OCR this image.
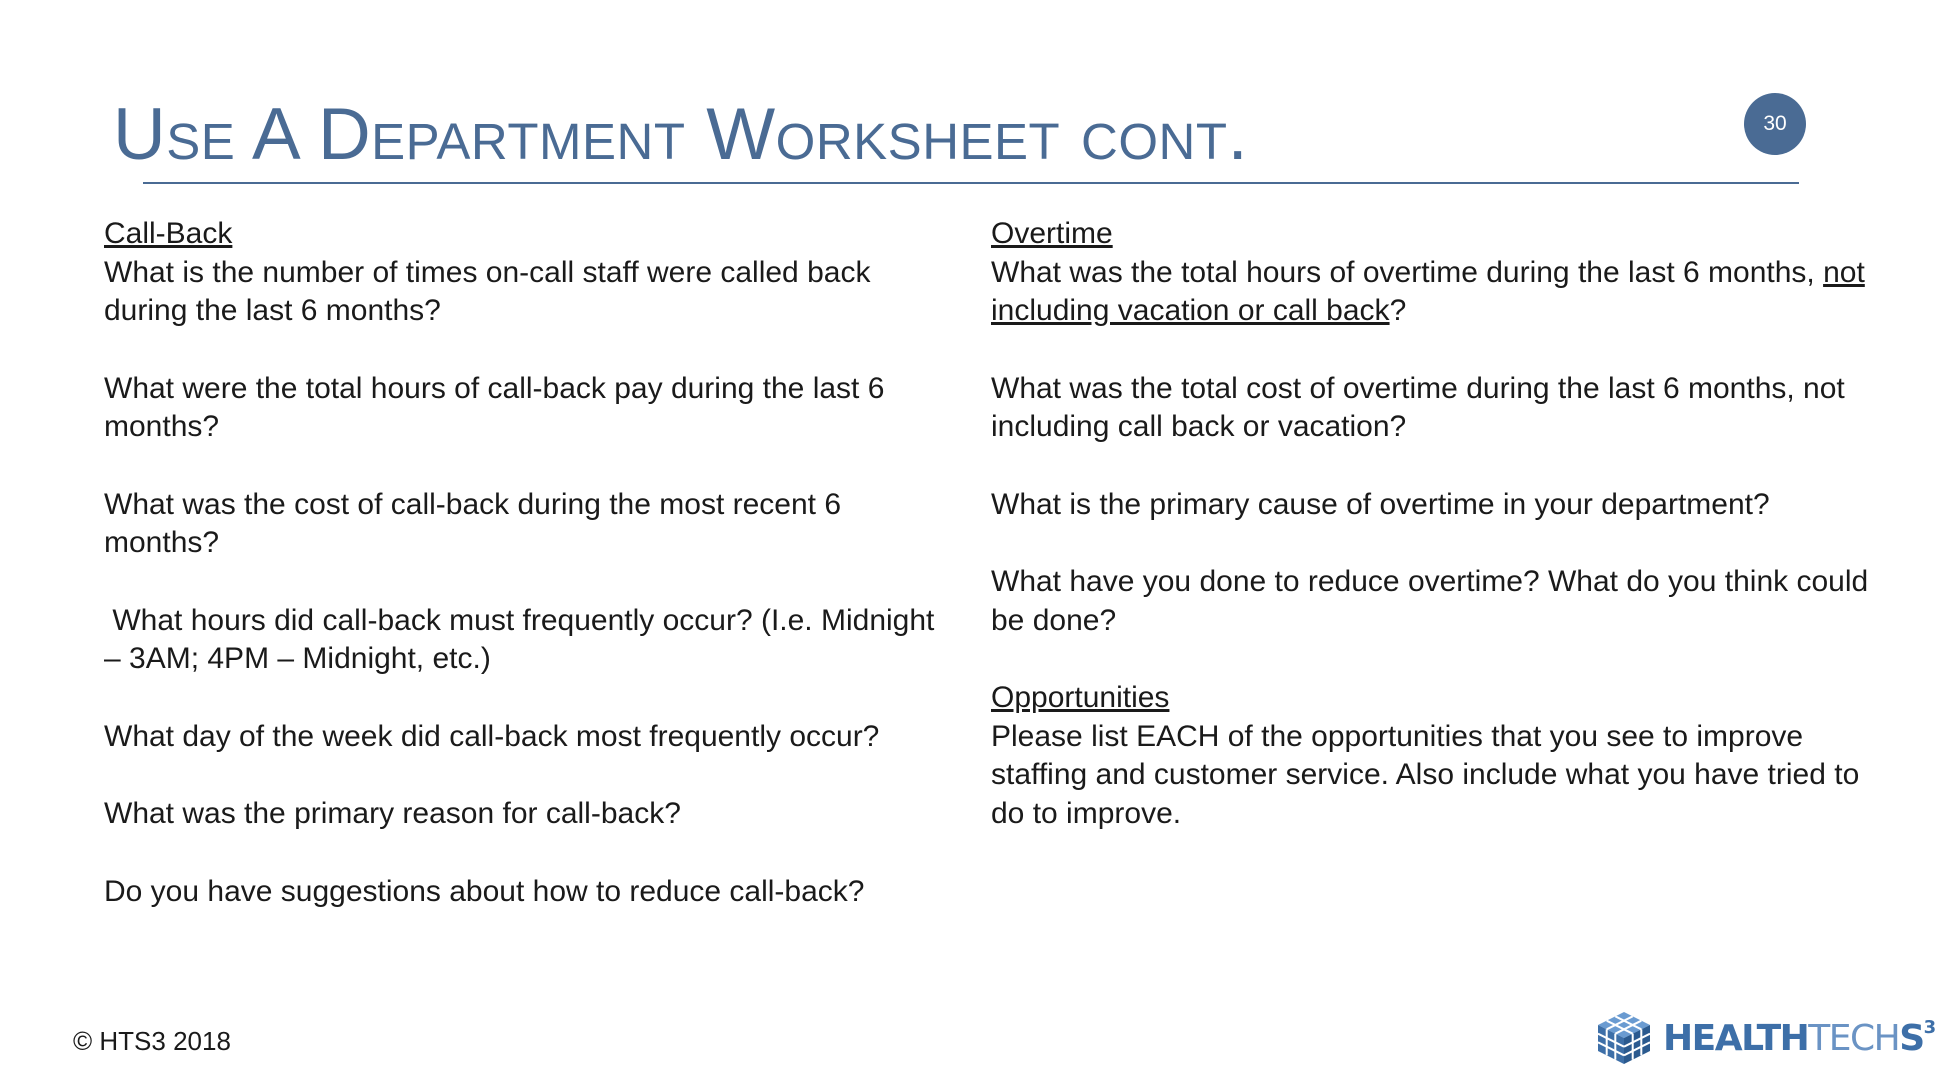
Use A Department Worksheet cont.	30

Call-Back
What is the number of times on-call staff were called back during the last 6 months?

What were the total hours of call-back pay during the last 6 months?

What was the cost of call-back during the most recent 6 months?

What hours did call-back must frequently occur? (I.e. Midnight – 3AM; 4PM – Midnight, etc.)

What day of the week did call-back most frequently occur?

What was the primary reason for call-back?

Do you have suggestions about how to reduce call-back?

Overtime
What was the total hours of overtime during the last 6 months, not including vacation or call back?

What was the total cost of overtime during the last 6 months, not including call back or vacation?

What is the primary cause of overtime in your department?

What have you done to reduce overtime? What do you think could be done?

Opportunities
Please list EACH of the opportunities that you see to improve staffing and customer service. Also include what you have tried to do to improve.

© HTS3 2018	HEALTHTECHS$^3$
